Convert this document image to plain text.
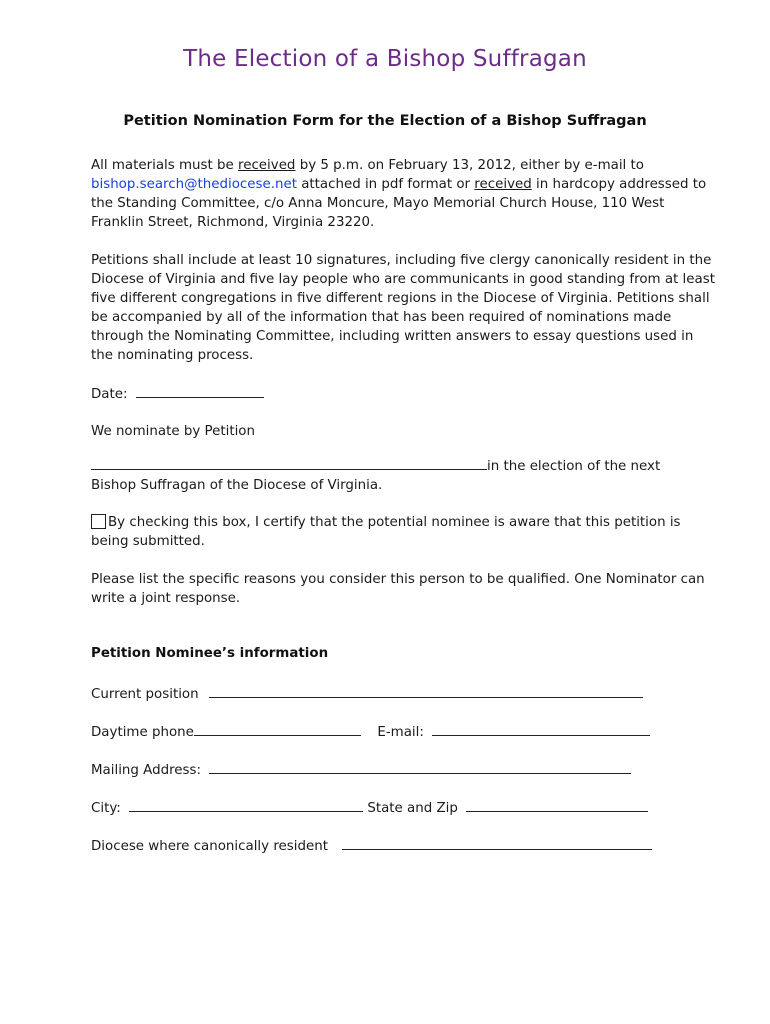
The Election of a Bishop Suffragan
Petition Nomination Form for the Election of a Bishop Suffragan
All materials must be received by 5 p.m. on February 13, 2012, either by e-mail to
bishop.search@thediocese.net attached in pdf format or received in hardcopy addressed to
the Standing Committee, c/o Anna Moncure, Mayo Memorial Church House, 110 West
Franklin Street, Richmond, Virginia 23220.
Petitions shall include at least 10 signatures, including five clergy canonically resident in the
Diocese of Virginia and five lay people who are communicants in good standing from at least
five different congregations in five different regions in the Diocese of Virginia. Petitions shall
be accompanied by all of the information that has been required of nominations made
through the Nominating Committee, including written answers to essay questions used in
the nominating process.
Date:
We nominate by Petition
in the election of the next
Bishop Suffragan of the Diocese of Virginia.
By checking this box, I certify that the potential nominee is aware that this petition is
being submitted.
Please list the specific reasons you consider this person to be qualified. One Nominator can
write a joint response.
Petition Nominee’s information
Current position
Daytime phone	E-mail:
Mailing Address:
City:	State and Zip
Diocese where canonically resident
